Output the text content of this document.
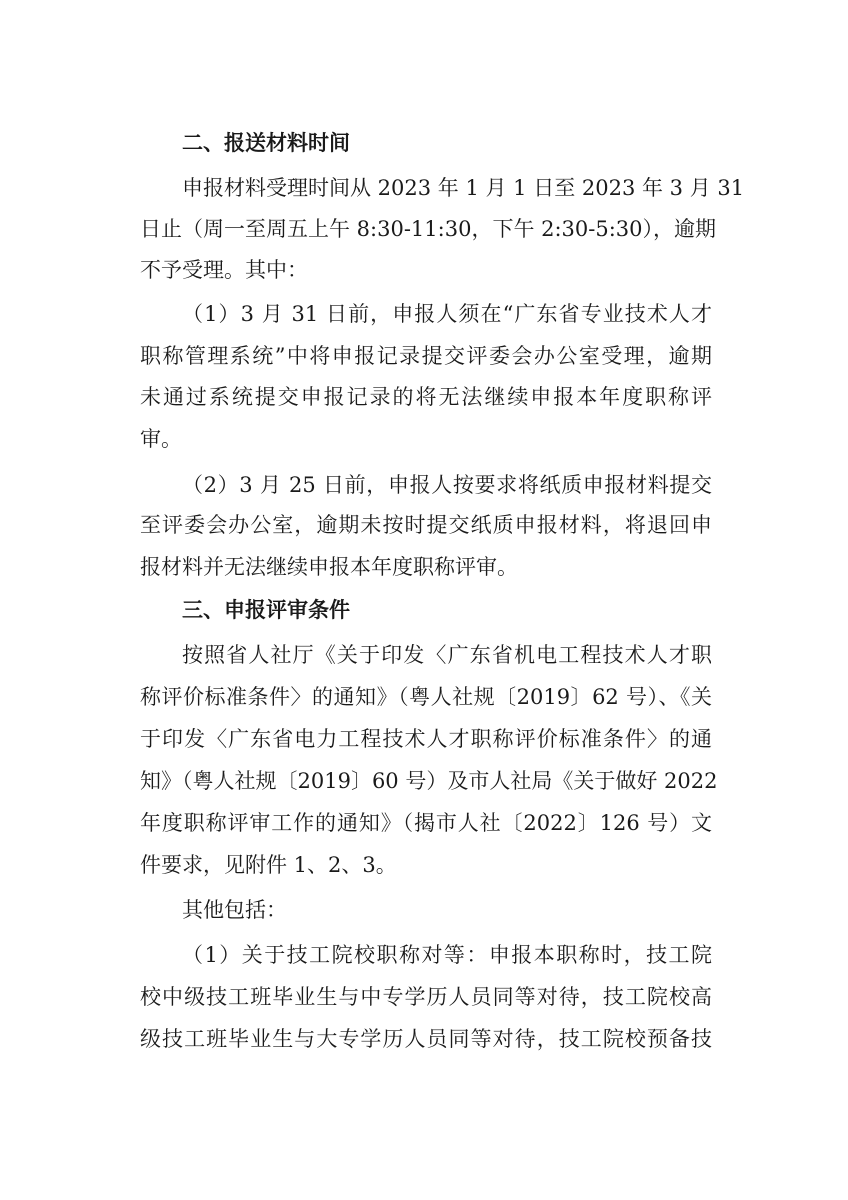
二、报送材料时间
申报材料受理时间从 2023 年 1 月 1 日至 2023 年 3 月 31
日止（周一至周五上午 8:30-11:30，下午 2:30-5:30），逾期
不予受理。其中：
（1）3 月 31 日前，申报人须在“广东省专业技术人才
职称管理系统”中将申报记录提交评委会办公室受理，逾期
未通过系统提交申报记录的将无法继续申报本年度职称评
审。
（2）3 月 25 日前，申报人按要求将纸质申报材料提交
至评委会办公室，逾期未按时提交纸质申报材料，将退回申
报材料并无法继续申报本年度职称评审。
三、申报评审条件
按照省人社厅《关于印发〈广东省机电工程技术人才职
称评价标准条件〉的通知》（粤人社规〔2019〕62 号）、《关
于印发〈广东省电力工程技术人才职称评价标准条件〉的通
知》（粤人社规〔2019〕60 号）及市人社局《关于做好 2022
年度职称评审工作的通知》（揭市人社〔2022〕126 号）文
件要求，见附件 1、2、3。
其他包括：
（1）关于技工院校职称对等：申报本职称时，技工院
校中级技工班毕业生与中专学历人员同等对待，技工院校高
级技工班毕业生与大专学历人员同等对待，技工院校预备技
